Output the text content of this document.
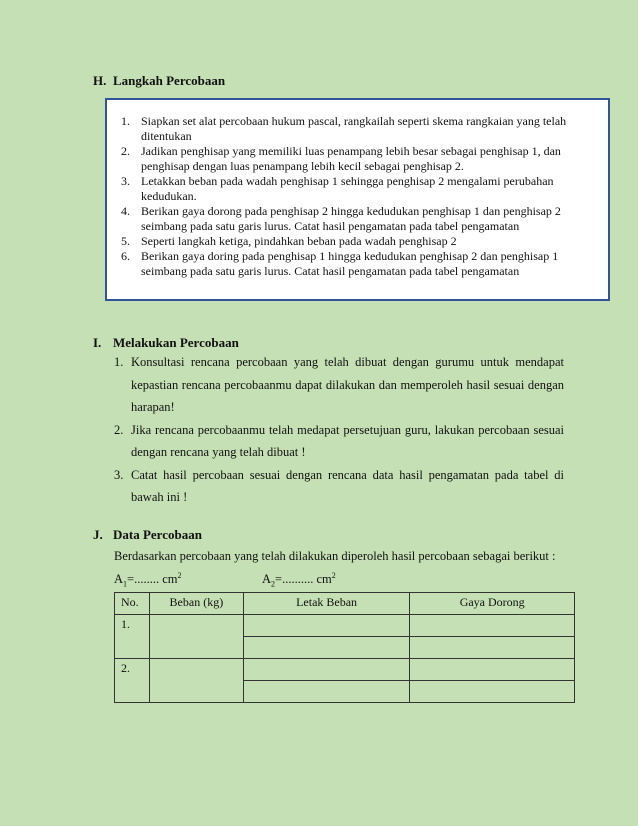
H. Langkah Percobaan
1. Siapkan set alat percobaan hukum pascal, rangkailah seperti skema rangkaian yang telah ditentukan
2. Jadikan penghisap yang memiliki luas penampang lebih besar sebagai penghisap 1, dan penghisap dengan luas penampang lebih kecil sebagai penghisap 2.
3. Letakkan beban pada wadah penghisap 1 sehingga penghisap 2 mengalami perubahan kedudukan.
4. Berikan gaya dorong pada penghisap 2 hingga kedudukan penghisap 1 dan penghisap 2 seimbang pada satu garis lurus. Catat hasil pengamatan pada tabel pengamatan
5. Seperti langkah ketiga, pindahkan beban pada wadah penghisap 2
6. Berikan gaya doring pada penghisap 1 hingga kedudukan penghisap 2 dan penghisap 1 seimbang pada satu garis lurus. Catat hasil pengamatan pada tabel pengamatan
I. Melakukan Percobaan
1. Konsultasi rencana percobaan yang telah dibuat dengan gurumu untuk mendapat kepastian rencana percobaanmu dapat dilakukan dan memperoleh hasil sesuai dengan harapan!
2. Jika rencana percobaanmu telah medapat persetujuan guru, lakukan percobaan sesuai dengan rencana yang telah dibuat !
3. Catat hasil percobaan sesuai dengan rencana data hasil pengamatan pada tabel di bawah ini !
J. Data Percobaan

Berdasarkan percobaan yang telah dilakukan diperoleh hasil percobaan sebagai berikut :

$A_1=$........ $cm^2$	$A_2=$.......... $cm^2$

No.	Beban (kg)	Letak Beban	Gaya Dorong
1.			

2.			
